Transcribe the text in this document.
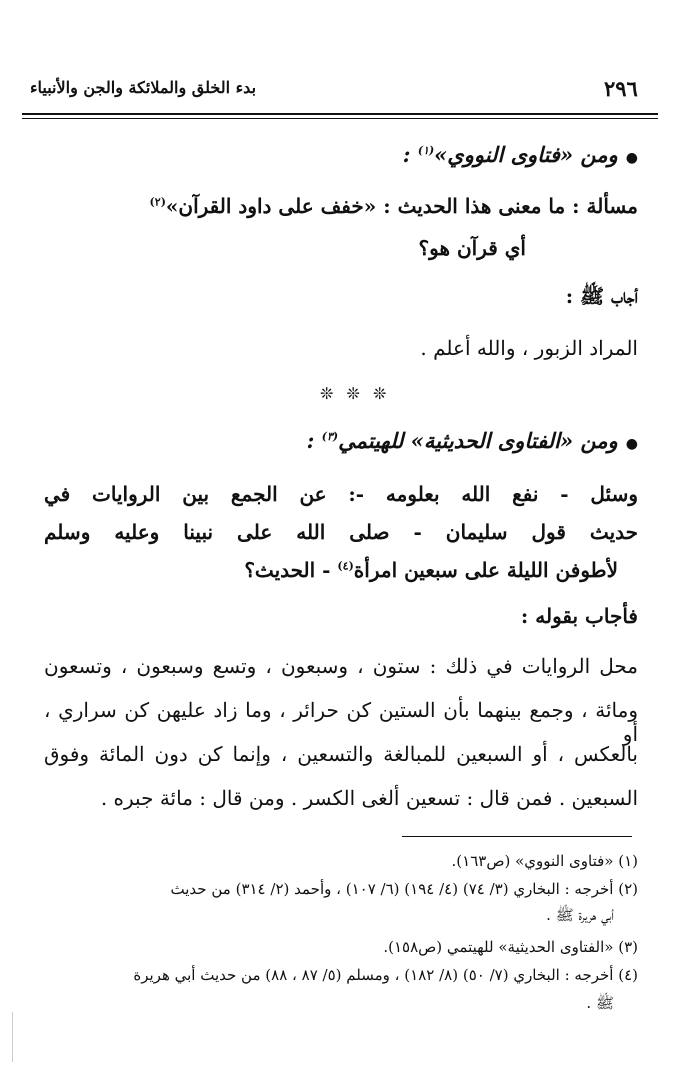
٢٩٦
بدء الخلق والملائكة والجن والأنبياء
●ومن «فتاوى النووي»$^{(١)}$ :
مسألة : ما معنى هذا الحديث : «خفف على داود القرآن»$^{(٢)}$
أي قرآن هو؟
أجاب ﷺ :
المراد الزبور ، والله أعلم .
❊ ❊ ❊
●ومن «الفتاوى الحديثية» للهيتمي$^{(٣)}$ :
وسئل - نفع الله بعلومه -: عن الجمع بين الروايات في
حديث قول سليمان - صلى الله على نبينا وعليه وسلم
لأطوفن الليلة على سبعين امرأة$^{(٤)}$ - الحديث؟
فأجاب بقوله :
محل الروايات في ذلك : ستون ، وسبعون ، وتسع وسبعون ، وتسعون
ومائة ، وجمع بينهما بأن الستين كن حرائر ، وما زاد عليهن كن سراري ، أو
بالعكس ، أو السبعين للمبالغة والتسعين ، وإنما كن دون المائة وفوق
السبعين . فمن قال : تسعين ألغى الكسر . ومن قال : مائة جبره .
(١) «فتاوى النووي» (ص١٦٣).
(٢) أخرجه : البخاري (٣/ ٧٤) (٤/ ١٩٤) (٦/ ١٠٧) ، وأحمد (٢/ ٣١٤) من حديث
أبي هريرة ﷺ .
(٣) «الفتاوى الحديثية» للهيتمي (ص١٥٨).
(٤) أخرجه : البخاري (٧/ ٥٠) (٨/ ١٨٢) ، ومسلم (٥/ ٨٧ ، ٨٨) من حديث أبي هريرة
ﷺ .
